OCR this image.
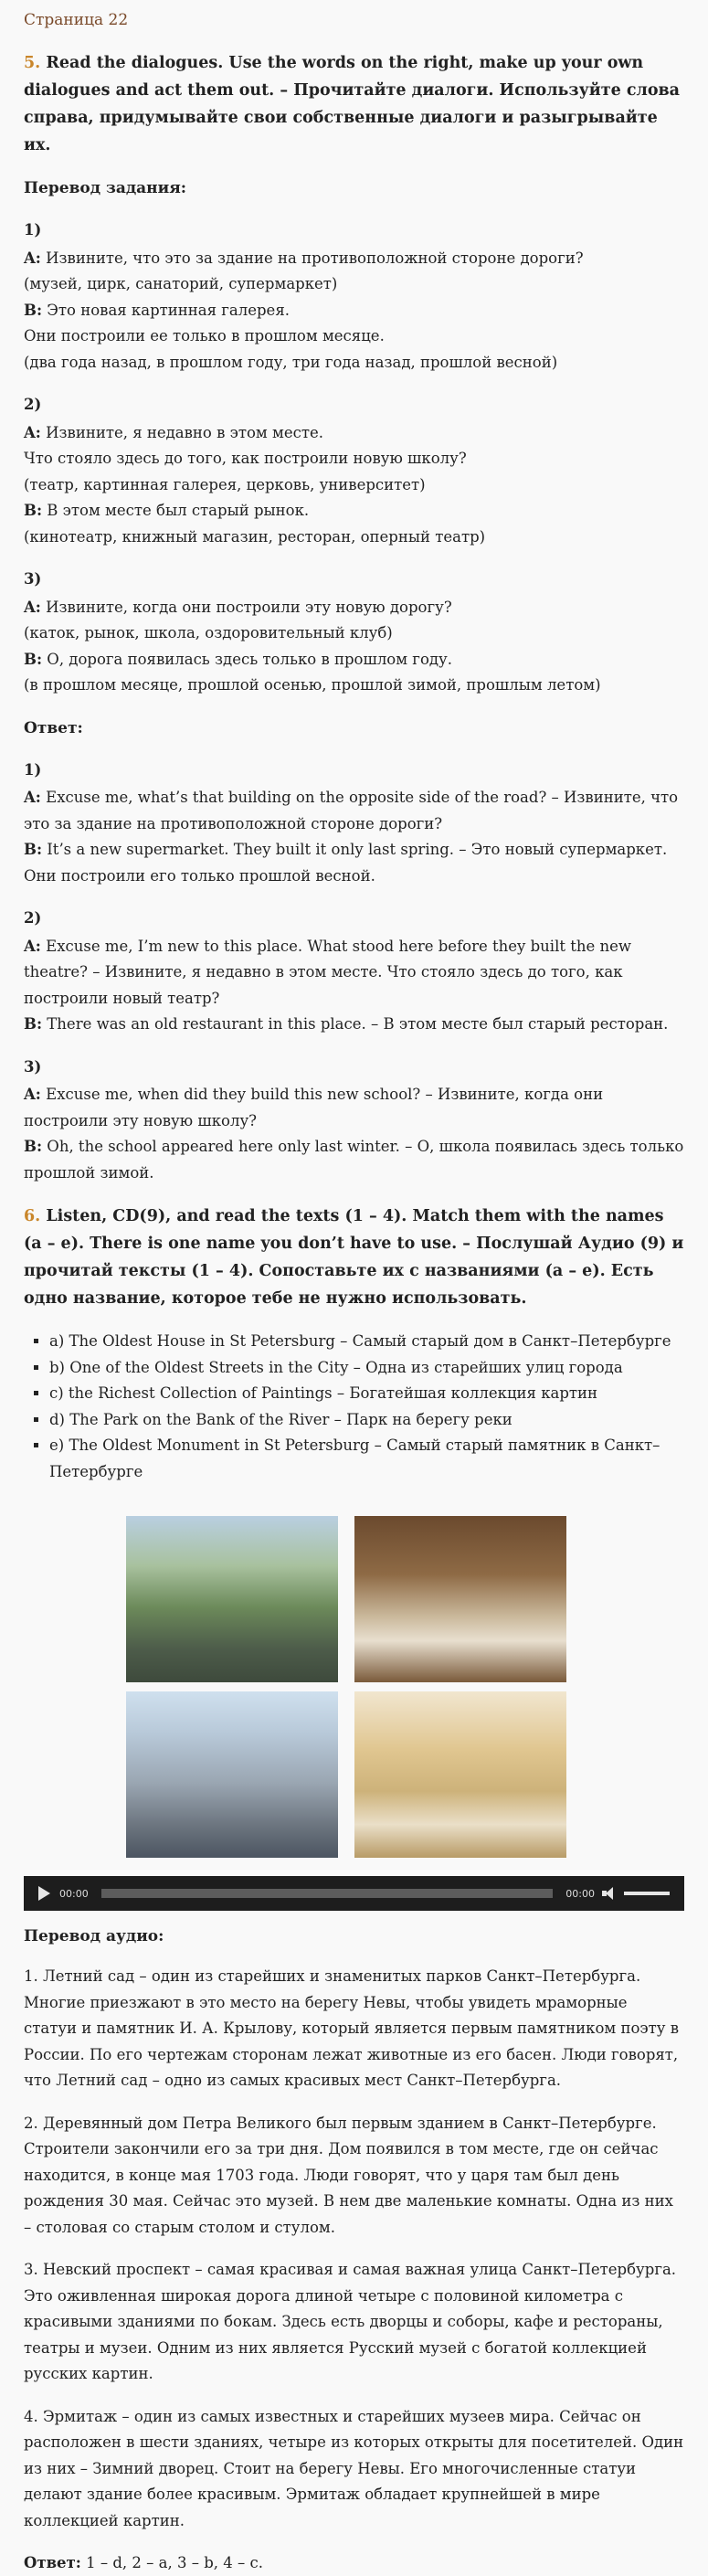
Страница 22
5. Read the dialogues. Use the words on the right, make up your own dialogues and act them out. – Прочитайте диалоги. Используйте слова справа, придумывайте свои собственные диалоги и разыгрывайте их.
Перевод задания:
1)
A: Извините, что это за здание на противоположной стороне дороги?
(музей, цирк, санаторий, супермаркет)
B: Это новая картинная галерея.
Они построили ее только в прошлом месяце.
(два года назад, в прошлом году, три года назад, прошлой весной)
2)
A: Извините, я недавно в этом месте.
Что стояло здесь до того, как построили новую школу?
(театр, картинная галерея, церковь, университет)
B: В этом месте был старый рынок.
(кинотеатр, книжный магазин, ресторан, оперный театр)
3)
A: Извините, когда они построили эту новую дорогу?
(каток, рынок, школа, оздоровительный клуб)
B: О, дорога появилась здесь только в прошлом году.
(в прошлом месяце, прошлой осенью, прошлой зимой, прошлым летом)
Ответ:
1)
A: Excuse me, what’s that building on the opposite side of the road? – Извините, что это за здание на противоположной стороне дороги?
B: It’s a new supermarket. They built it only last spring. – Это новый супермаркет. Они построили его только прошлой весной.
2)
A: Excuse me, I’m new to this place. What stood here before they built the new theatre? – Извините, я недавно в этом месте. Что стояло здесь до того, как построили новый театр?
B: There was an old restaurant in this place. – В этом месте был старый ресторан.
3)
A: Excuse me, when did they build this new school? – Извините, когда они построили эту новую школу?
B: Oh, the school appeared here only last winter. – О, школа появилась здесь только прошлой зимой.
6. Listen, CD(9), and read the texts (1 – 4). Match them with the names (a – e). There is one name you don’t have to use. – Послушай Аудио (9) и прочитай тексты (1 – 4). Сопоставьте их с названиями (а – е). Есть одно название, которое тебе не нужно использовать.
▪ a) The Oldest House in St Petersburg – Самый старый дом в Санкт–Петербурге
▪ b) One of the Oldest Streets in the City – Одна из старейших улиц города
▪ c) the Richest Collection of Paintings – Богатейшая коллекция картин
▪ d) The Park on the Bank of the River – Парк на берегу реки
▪ e) The Oldest Monument in St Petersburg – Самый старый памятник в Санкт–Петербурге
00:00	00:00
Перевод аудио:

1. Летний сад – один из старейших и знаменитых парков Санкт–Петербурга. Многие приезжают в это место на берегу Невы, чтобы увидеть мраморные статуи и памятник И. А. Крылову, который является первым памятником поэту в России. По его чертежам сторонам лежат животные из его басен. Люди говорят, что Летний сад – одно из самых красивых мест Санкт–Петербурга.

2. Деревянный дом Петра Великого был первым зданием в Санкт–Петербурге. Строители закончили его за три дня. Дом появился в том месте, где он сейчас находится, в конце мая 1703 года. Люди говорят, что у царя там был день рождения 30 мая. Сейчас это музей. В нем две маленькие комнаты. Одна из них – столовая со старым столом и стулом.

3. Невский проспект – самая красивая и самая важная улица Санкт–Петербурга. Это оживленная широкая дорога длиной четыре с половиной километра с красивыми зданиями по бокам. Здесь есть дворцы и соборы, кафе и рестораны, театры и музеи. Одним из них является Русский музей с богатой коллекцией русских картин.

4. Эрмитаж – один из самых известных и старейших музеев мира. Сейчас он расположен в шести зданиях, четыре из которых открыты для посетителей. Один из них – Зимний дворец. Стоит на берегу Невы. Его многочисленные статуи делают здание более красивым. Эрмитаж обладает крупнейшей в мире коллекцией картин.

Ответ: 1 – d, 2 – a, 3 – b, 4 – c.
